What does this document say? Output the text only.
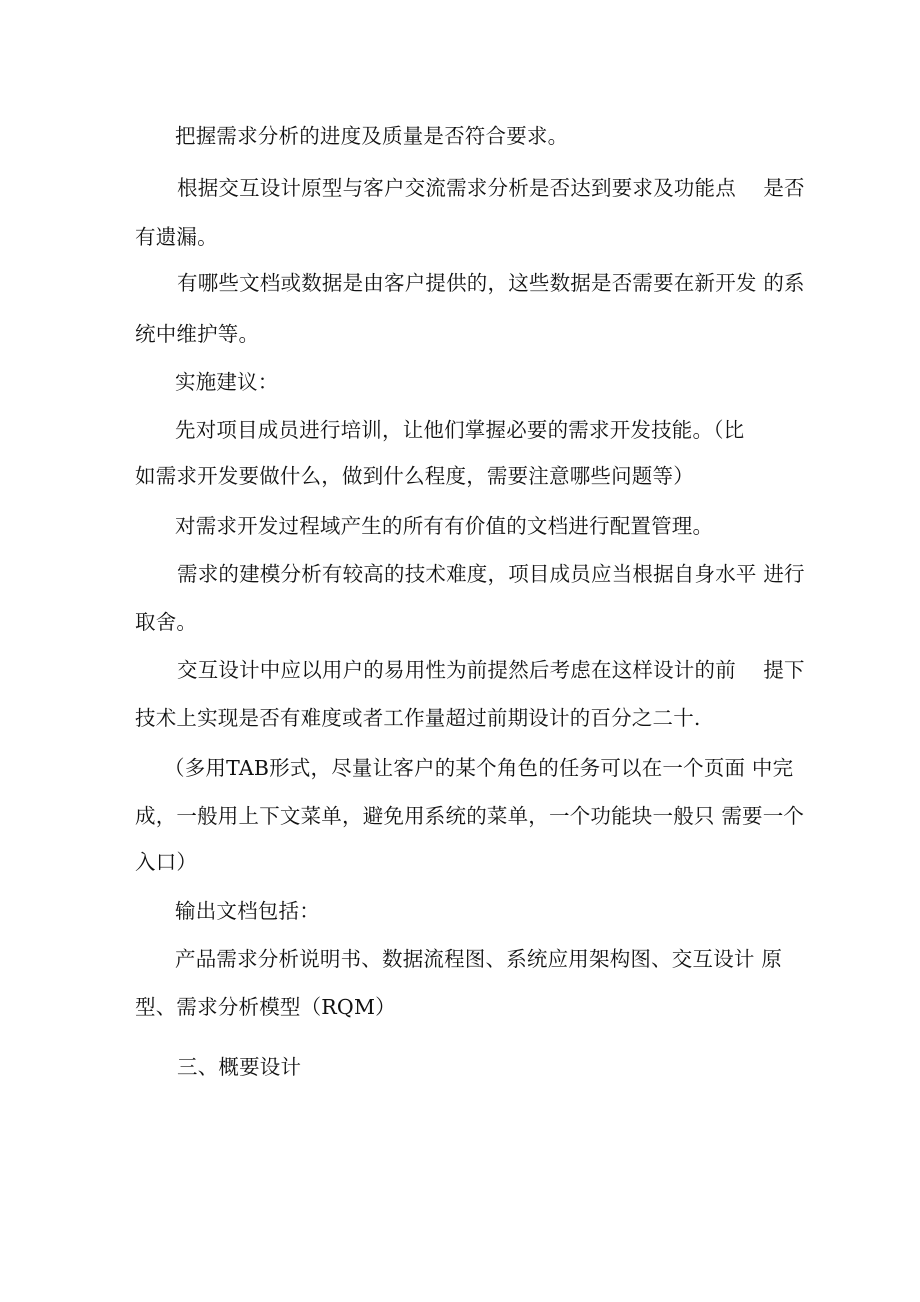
把握需求分析的进度及质量是否符合要求。
根据交互设计原型与客户交流需求分析是否达到要求及功能点　 是否
有遗漏。
有哪些文档或数据是由客户提供的，这些数据是否需要在新开发 的系
统中维护等。
实施建议：
先对项目成员进行培训，让他们掌握必要的需求开发技能。（比
如需求开发要做什么，做到什么程度，需要注意哪些问题等）
对需求开发过程域产生的所有有价值的文档进行配置管理。
需求的建模分析有较高的技术难度，项目成员应当根据自身水平 进行
取舍。
交互设计中应以用户的易用性为前提然后考虑在这样设计的前　 提下
技术上实现是否有难度或者工作量超过前期设计的百分之二十.
（多用TAB形式，尽量让客户的某个角色的任务可以在一个页面 中完
成，一般用上下文菜单，避免用系统的菜单，一个功能块一般只 需要一个
入口）
输出文档包括：
产品需求分析说明书、数据流程图、系统应用架构图、交互设计 原
型、需求分析模型（RQM）
三、概要设计
